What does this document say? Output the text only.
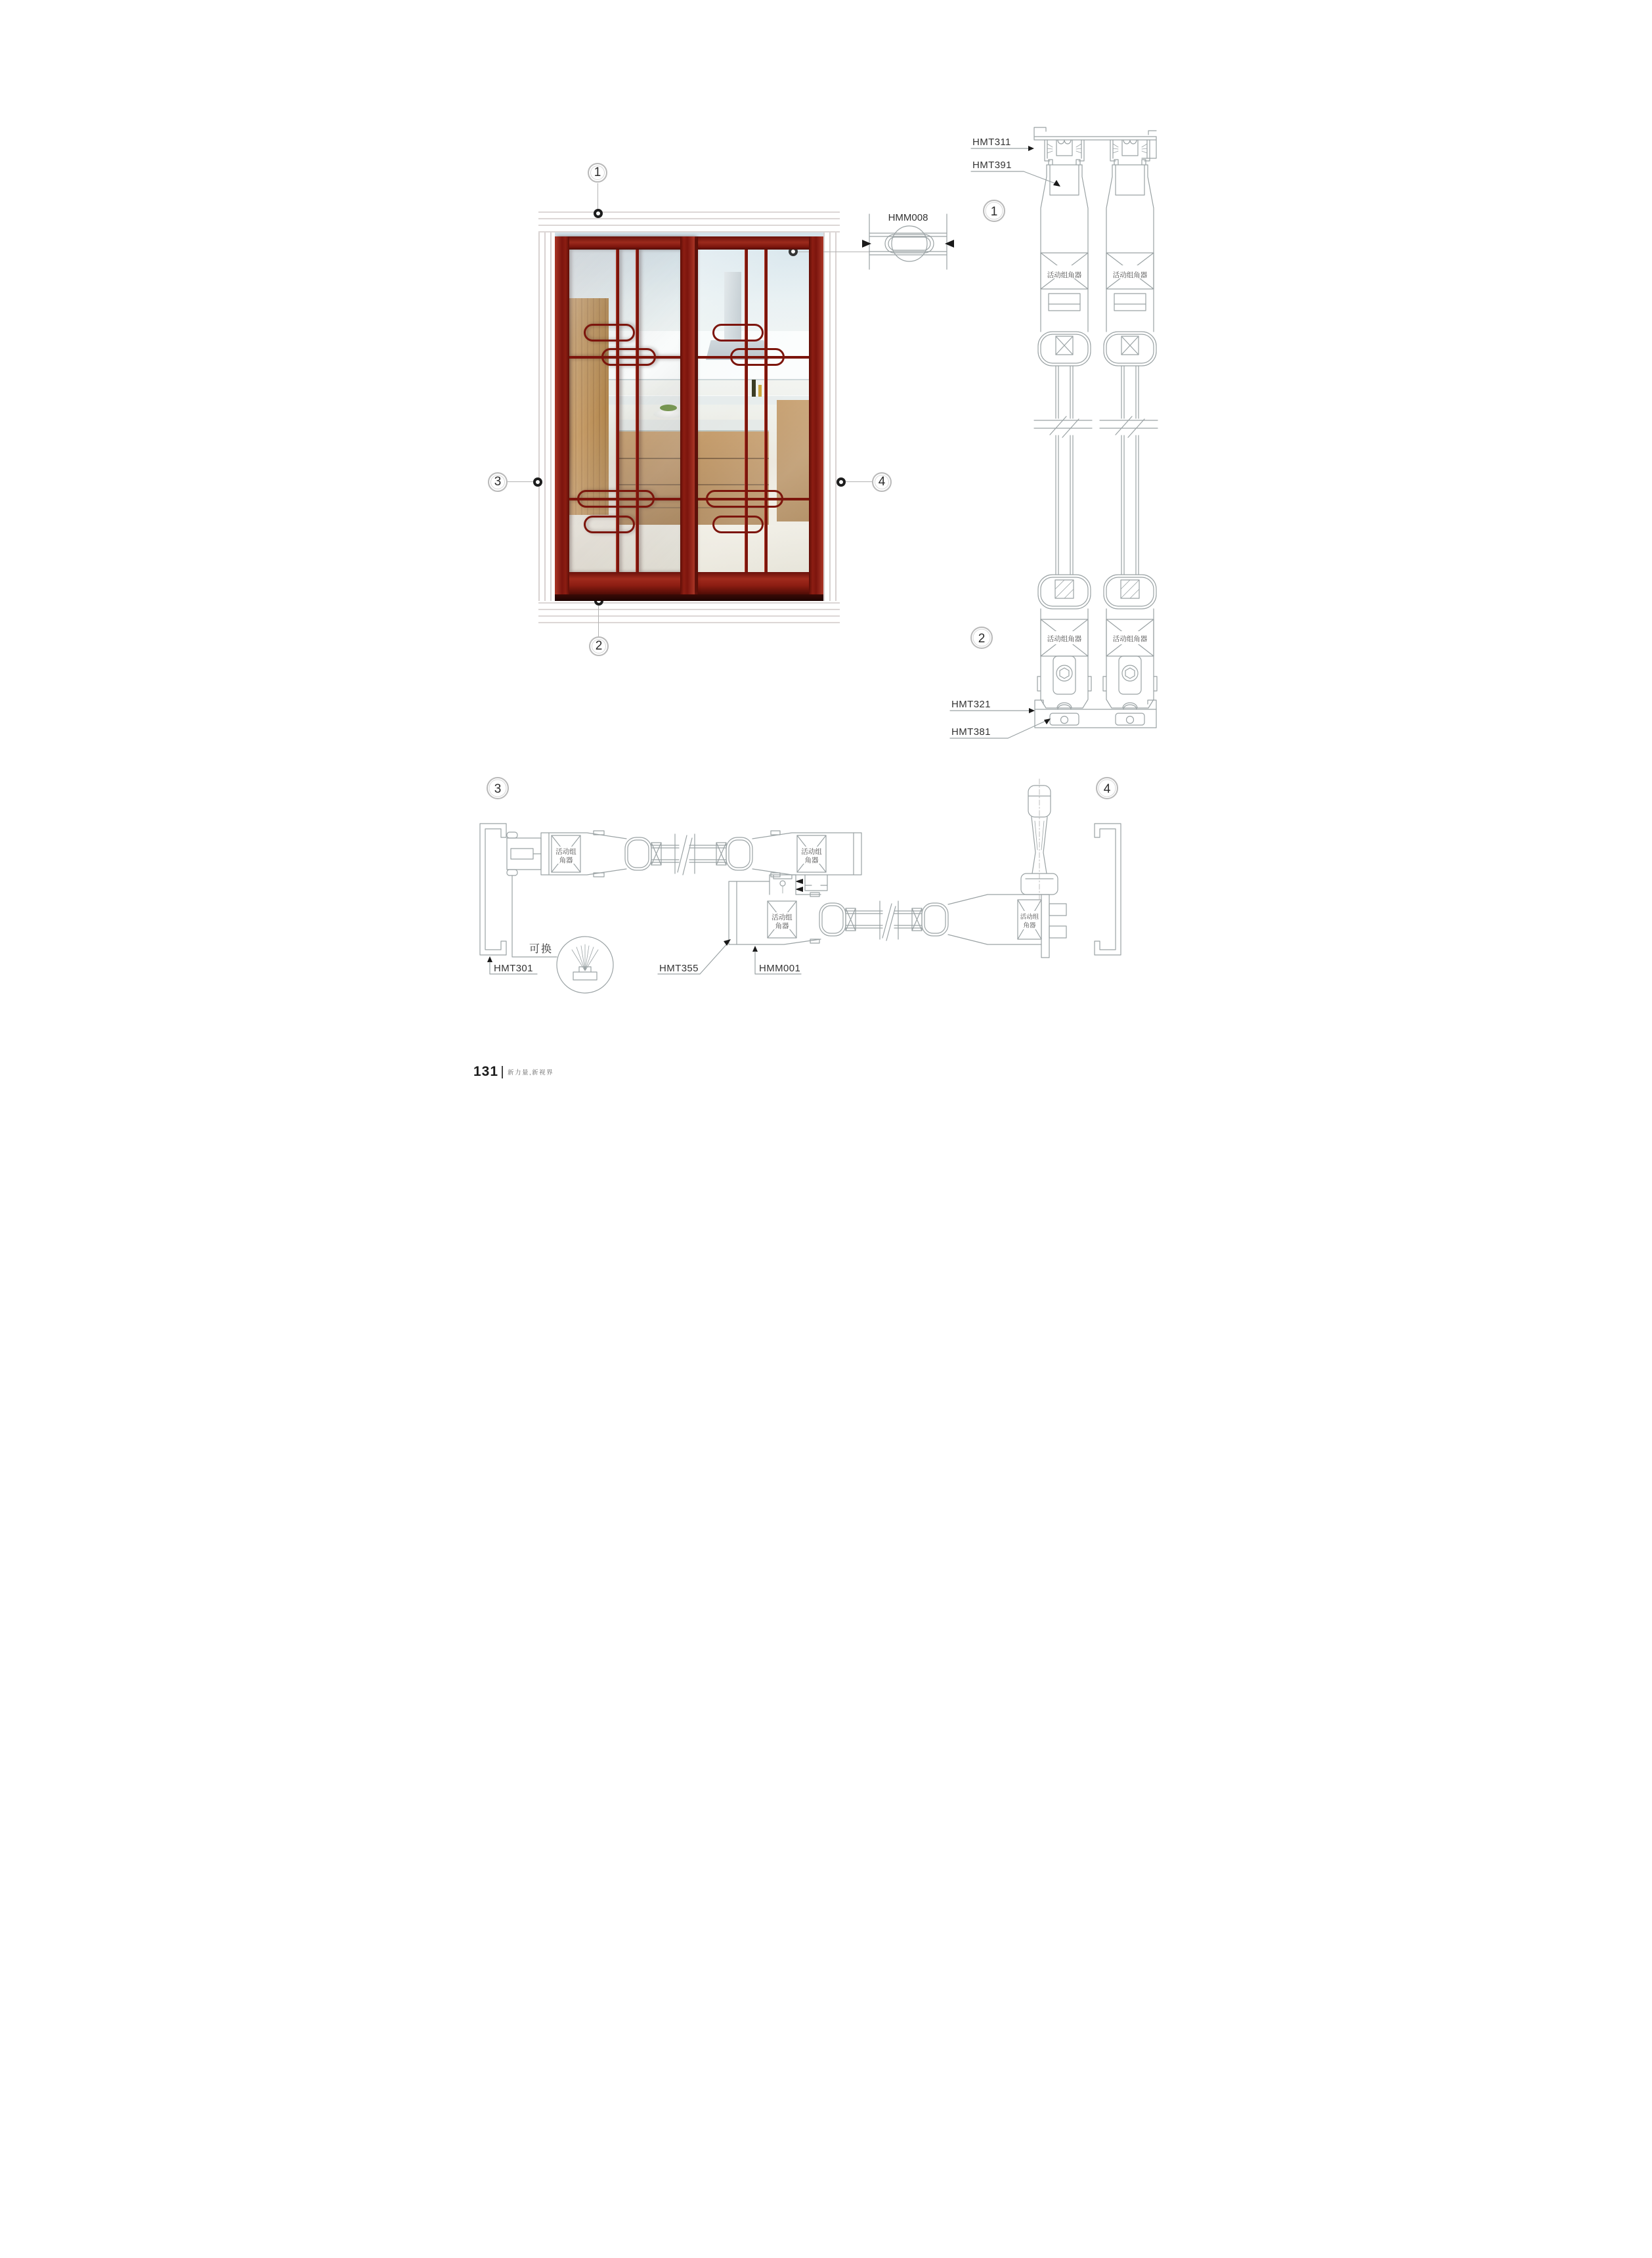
1
2
3	4
HMM008
活动组角器	活动组角器
活动组角器	活动组角器
1
2
HMT311
HMT391
HMT321
HMT381
3	4
活动组
角器
活动组
角器
活动组
角器
活动组
角器
可换
HMT301	HMT355	HMM001
131 新力量,新视界
